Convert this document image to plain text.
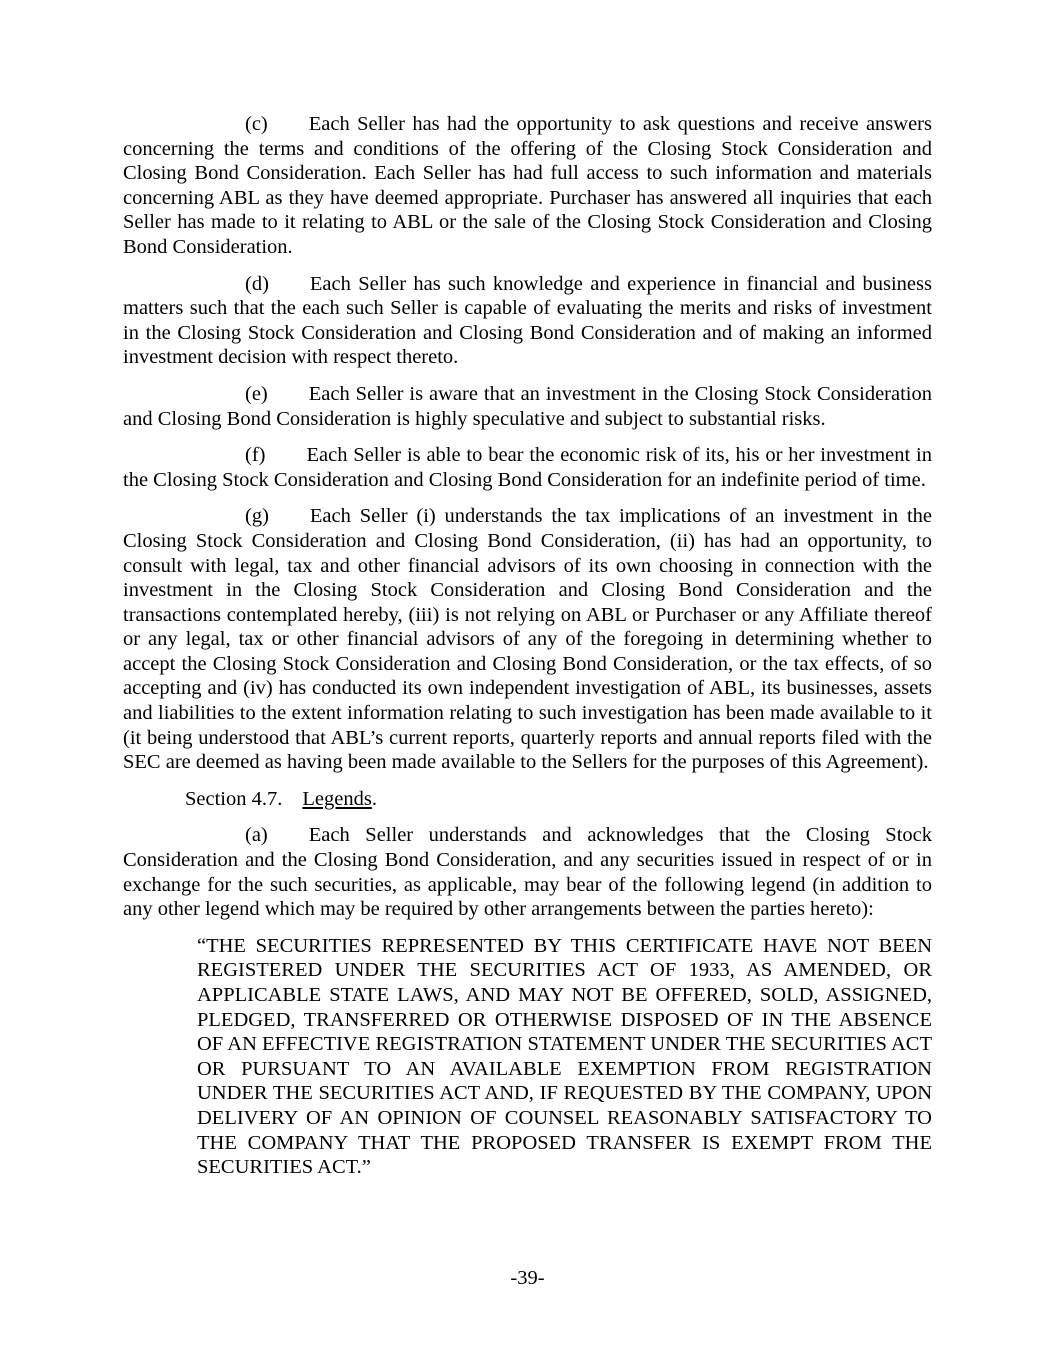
(c) Each Seller has had the opportunity to ask questions and receive answers concerning the terms and conditions of the offering of the Closing Stock Consideration and Closing Bond Consideration. Each Seller has had full access to such information and materials concerning ABL as they have deemed appropriate. Purchaser has answered all inquiries that each Seller has made to it relating to ABL or the sale of the Closing Stock Consideration and Closing Bond Consideration.

(d) Each Seller has such knowledge and experience in financial and business matters such that the each such Seller is capable of evaluating the merits and risks of investment in the Closing Stock Consideration and Closing Bond Consideration and of making an informed investment decision with respect thereto.

(e) Each Seller is aware that an investment in the Closing Stock Consideration and Closing Bond Consideration is highly speculative and subject to substantial risks.

(f) Each Seller is able to bear the economic risk of its, his or her investment in the Closing Stock Consideration and Closing Bond Consideration for an indefinite period of time.

(g) Each Seller (i) understands the tax implications of an investment in the Closing Stock Consideration and Closing Bond Consideration, (ii) has had an opportunity, to consult with legal, tax and other financial advisors of its own choosing in connection with the investment in the Closing Stock Consideration and Closing Bond Consideration and the transactions contemplated hereby, (iii) is not relying on ABL or Purchaser or any Affiliate thereof or any legal, tax or other financial advisors of any of the foregoing in determining whether to accept the Closing Stock Consideration and Closing Bond Consideration, or the tax effects, of so accepting and (iv) has conducted its own independent investigation of ABL, its businesses, assets and liabilities to the extent information relating to such investigation has been made available to it (it being understood that ABL’s current reports, quarterly reports and annual reports filed with the SEC are deemed as having been made available to the Sellers for the purposes of this Agreement).

Section 4.7. Legends.

(a) Each Seller understands and acknowledges that the Closing Stock Consideration and the Closing Bond Consideration, and any securities issued in respect of or in exchange for the such securities, as applicable, may bear of the following legend (in addition to any other legend which may be required by other arrangements between the parties hereto):

“THE SECURITIES REPRESENTED BY THIS CERTIFICATE HAVE NOT BEEN REGISTERED UNDER THE SECURITIES ACT OF 1933, AS AMENDED, OR APPLICABLE STATE LAWS, AND MAY NOT BE OFFERED, SOLD, ASSIGNED, PLEDGED, TRANSFERRED OR OTHERWISE DISPOSED OF IN THE ABSENCE OF AN EFFECTIVE REGISTRATION STATEMENT UNDER THE SECURITIES ACT OR PURSUANT TO AN AVAILABLE EXEMPTION FROM REGISTRATION UNDER THE SECURITIES ACT AND, IF REQUESTED BY THE COMPANY, UPON DELIVERY OF AN OPINION OF COUNSEL REASONABLY SATISFACTORY TO THE COMPANY THAT THE PROPOSED TRANSFER IS EXEMPT FROM THE SECURITIES ACT.”
-39-
